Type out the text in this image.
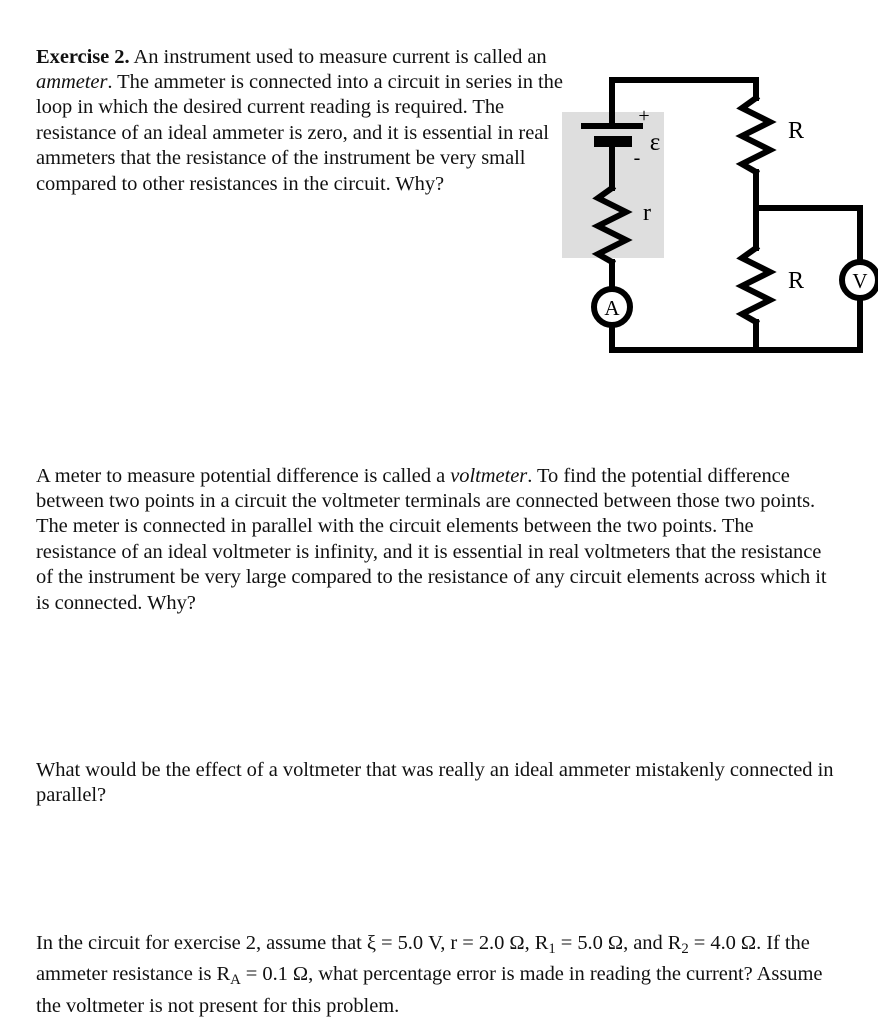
Exercise 2. An instrument used to measure current is called an ammeter. The ammeter is connected into a circuit in series in the loop in which the desired current reading is required. The resistance of an ideal ammeter is zero, and it is essential in real ammeters that the resistance of the instrument be very small compared to other resistances in the circuit. Why?

A
V
+
-
ε
r
R
R

A meter to measure potential difference is called a voltmeter. To find the potential difference between two points in a circuit the voltmeter terminals are connected between those two points. The meter is connected in parallel with the circuit elements between the two points. The resistance of an ideal voltmeter is infinity, and it is essential in real voltmeters that the resistance of the instrument be very large compared to the resistance of any circuit elements across which it is connected. Why?

What would be the effect of a voltmeter that was really an ideal ammeter mistakenly connected in parallel?

In the circuit for exercise 2, assume that ξ = 5.0 V, r = 2.0 Ω, $R_1 = 5.0$ Ω, and $R_2 = 4.0$ Ω. If the ammeter resistance is $R_A = 0.1$ Ω, what percentage error is made in reading the current? Assume the voltmeter is not present for this problem.
